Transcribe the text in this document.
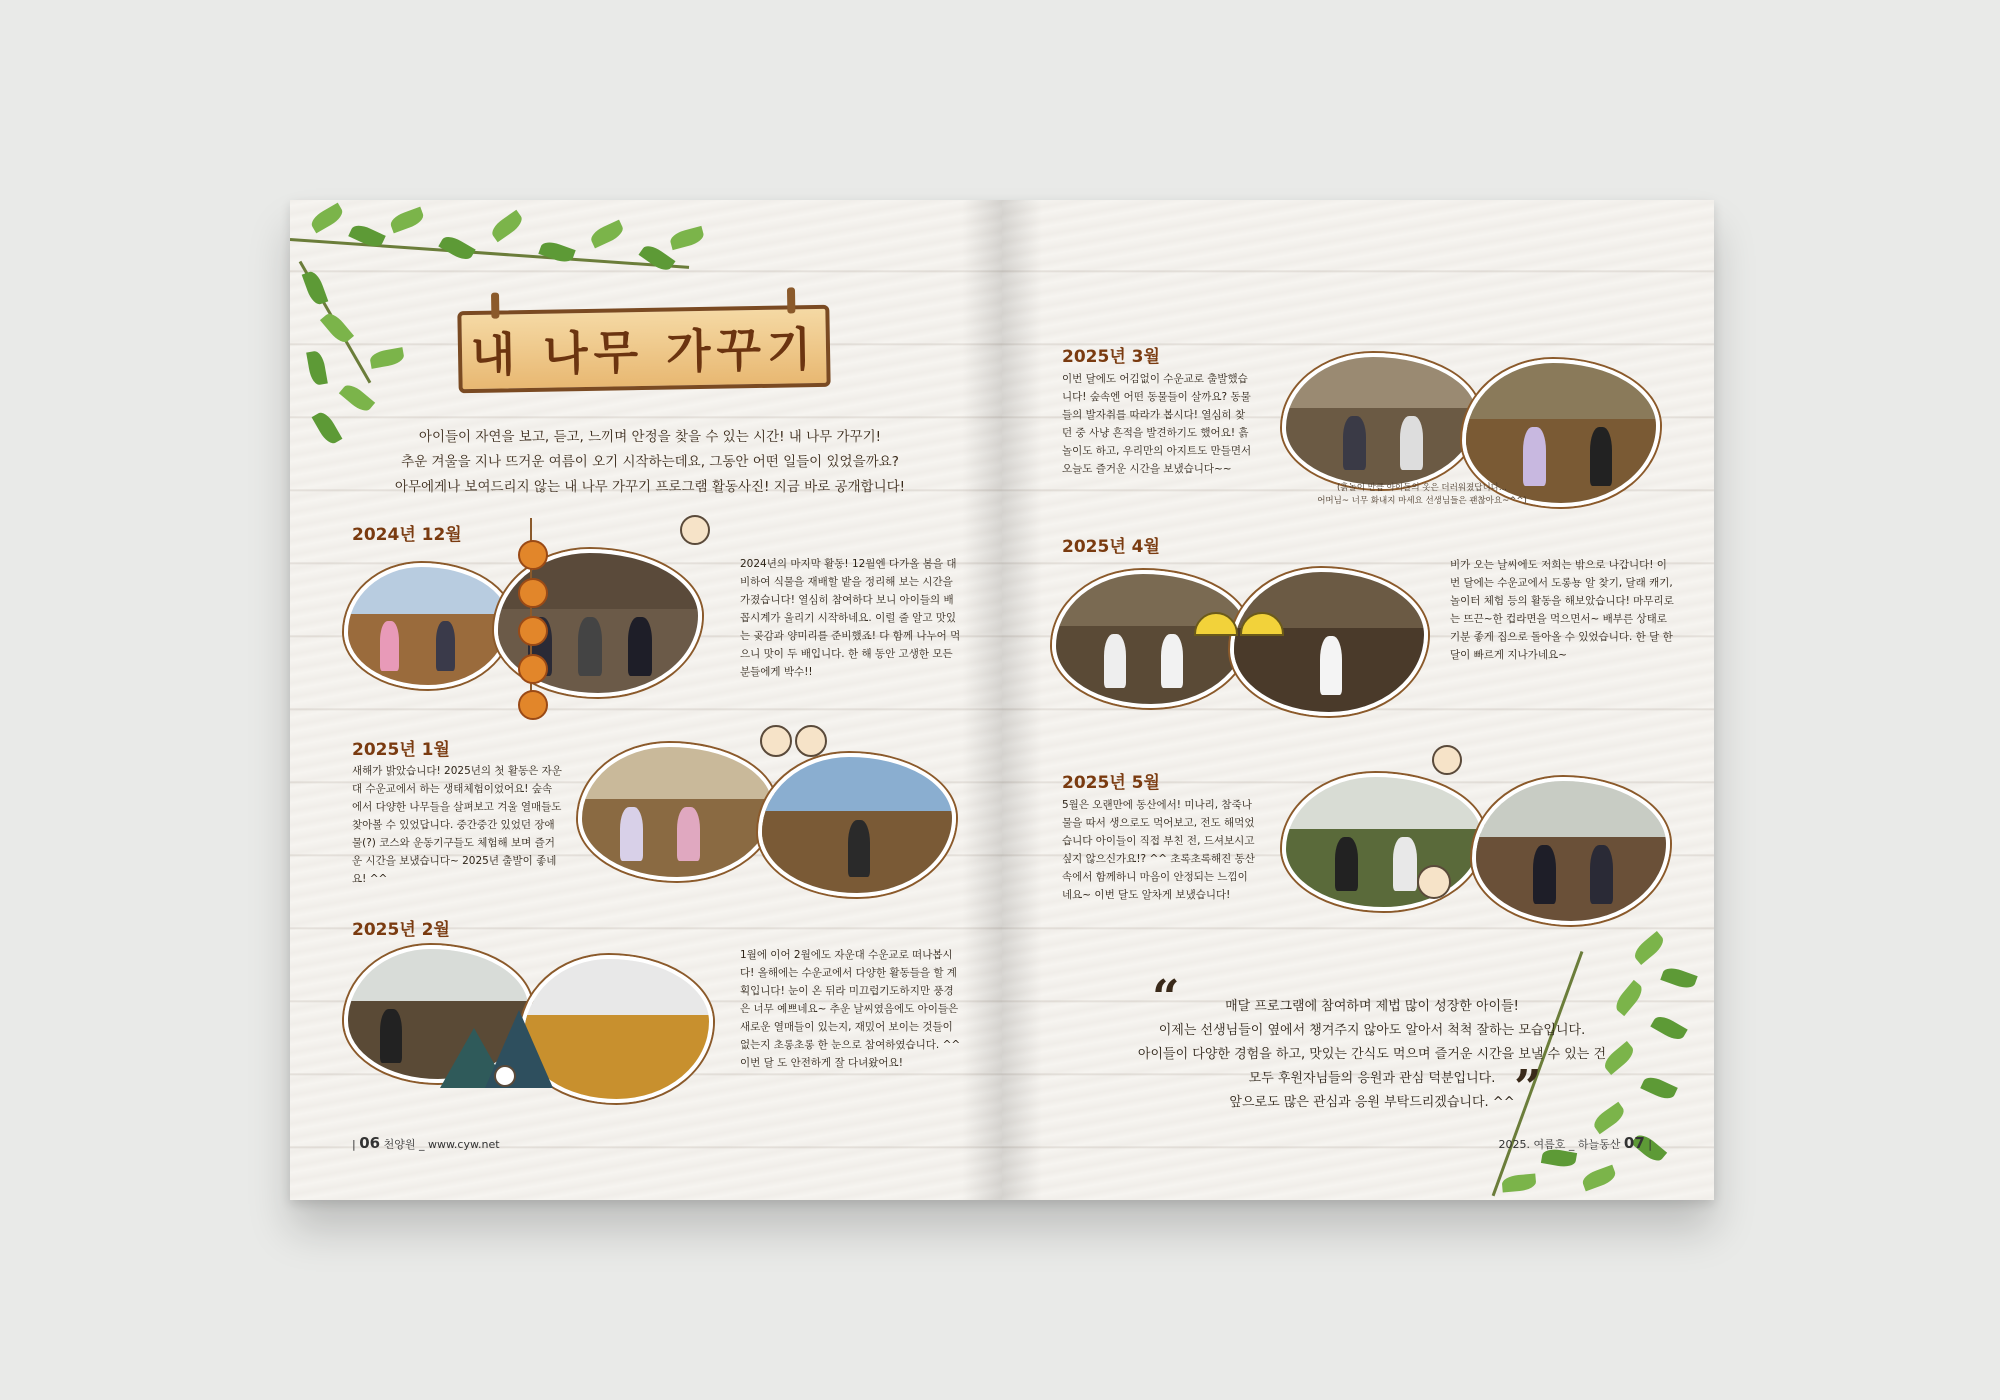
내 나무 가꾸기
아이들이 자연을 보고, 듣고, 느끼며 안정을 찾을 수 있는 시간! 내 나무 가꾸기!
추운 겨울을 지나 뜨거운 여름이 오기 시작하는데요, 그동안 어떤 일들이 있었을까요?
아무에게나 보여드리지 않는 내 나무 가꾸기 프로그램 활동사진! 지금 바로 공개합니다!
2024년 12월
2024년의 마지막 활동! 12월엔 다가올 봄을 대비하여 식물을 재배할 밭을 정리해 보는 시간을 가졌습니다! 열심히 참여하다 보니 아이들의 배꼽시계가 울리기 시작하네요. 이럴 줄 알고 맛있는 곶감과 양미리를 준비했죠! 다 함께 나누어 먹으니 맛이 두 배입니다. 한 해 동안 고생한 모든 분들에게 박수!!
2025년 1월
새해가 밝았습니다! 2025년의 첫 활동은 자운대 수운교에서 하는 생태체험이었어요! 숲속에서 다양한 나무들을 살펴보고 겨울 열매들도 찾아볼 수 있었답니다. 중간중간 있었던 장애물(?) 코스와 운동기구들도 체험해 보며 즐거운 시간을 보냈습니다~ 2025년 출발이 좋네요! ^^
2025년 2월
1월에 이어 2월에도 자운대 수운교로 떠나봅시다! 올해에는 수운교에서 다양한 활동들을 할 계획입니다! 눈이 온 뒤라 미끄럽기도하지만 풍경은 너무 예쁘네요~ 추운 날씨였음에도 아이들은 새로운 열매들이 있는지, 재밌어 보이는 것들이 없는지 초롱초롱 한 눈으로 참여하였습니다. ^^ 이번 달 도 안전하게 잘 다녀왔어요!
| 06 천양원 _ www.cyw.net
2025년 3월
이번 달에도 어김없이 수운교로 출발했습니다! 숲속엔 어떤 동물들이 살까요? 동물들의 발자취를 따라가 봅시다! 열심히 찾던 중 사냥 흔적을 발견하기도 했어요! 흙놀이도 하고, 우리만의 아지트도 만들면서 오늘도 즐거운 시간을 보냈습니다~~
(흙놀이 만큼 아이들의 옷은 더러워졌답니다...
어머님~ 너무 화내지 마세요 선생님들은 괜찮아요~^^)
2025년 4월
비가 오는 날씨에도 저희는 밖으로 나갑니다! 이번 달에는 수운교에서 도롱뇽 알 찾기, 달래 캐기, 놀이터 체험 등의 활동을 해보았습니다! 마무리로는 뜨끈~한 컵라면을 먹으면서~ 배부른 상태로 기분 좋게 집으로 돌아올 수 있었습니다. 한 달 한 달이 빠르게 지나가네요~
2025년 5월
5월은 오랜만에 동산에서! 미나리, 참죽나물을 따서 생으로도 먹어보고, 전도 해먹었습니다 아이들이 직접 부친 전, 드셔보시고 싶지 않으신가요!? ^^ 초록초록해진 동산 속에서 함께하니 마음이 안정되는 느낌이네요~ 이번 달도 알차게 보냈습니다!
“	매달 프로그램에 참여하며 제법 많이 성장한 아이들!
이제는 선생님들이 옆에서 챙겨주지 않아도 알아서 척척 잘하는 모습입니다.
아이들이 다양한 경험을 하고, 맛있는 간식도 먹으며 즐거운 시간을 보낼 수 있는 건
모두 후원자님들의 응원과 관심 덕분입니다.
앞으로도 많은 관심과 응원 부탁드리겠습니다. ^^ ”
2025. 여름호 _ 하늘동산 07 |
